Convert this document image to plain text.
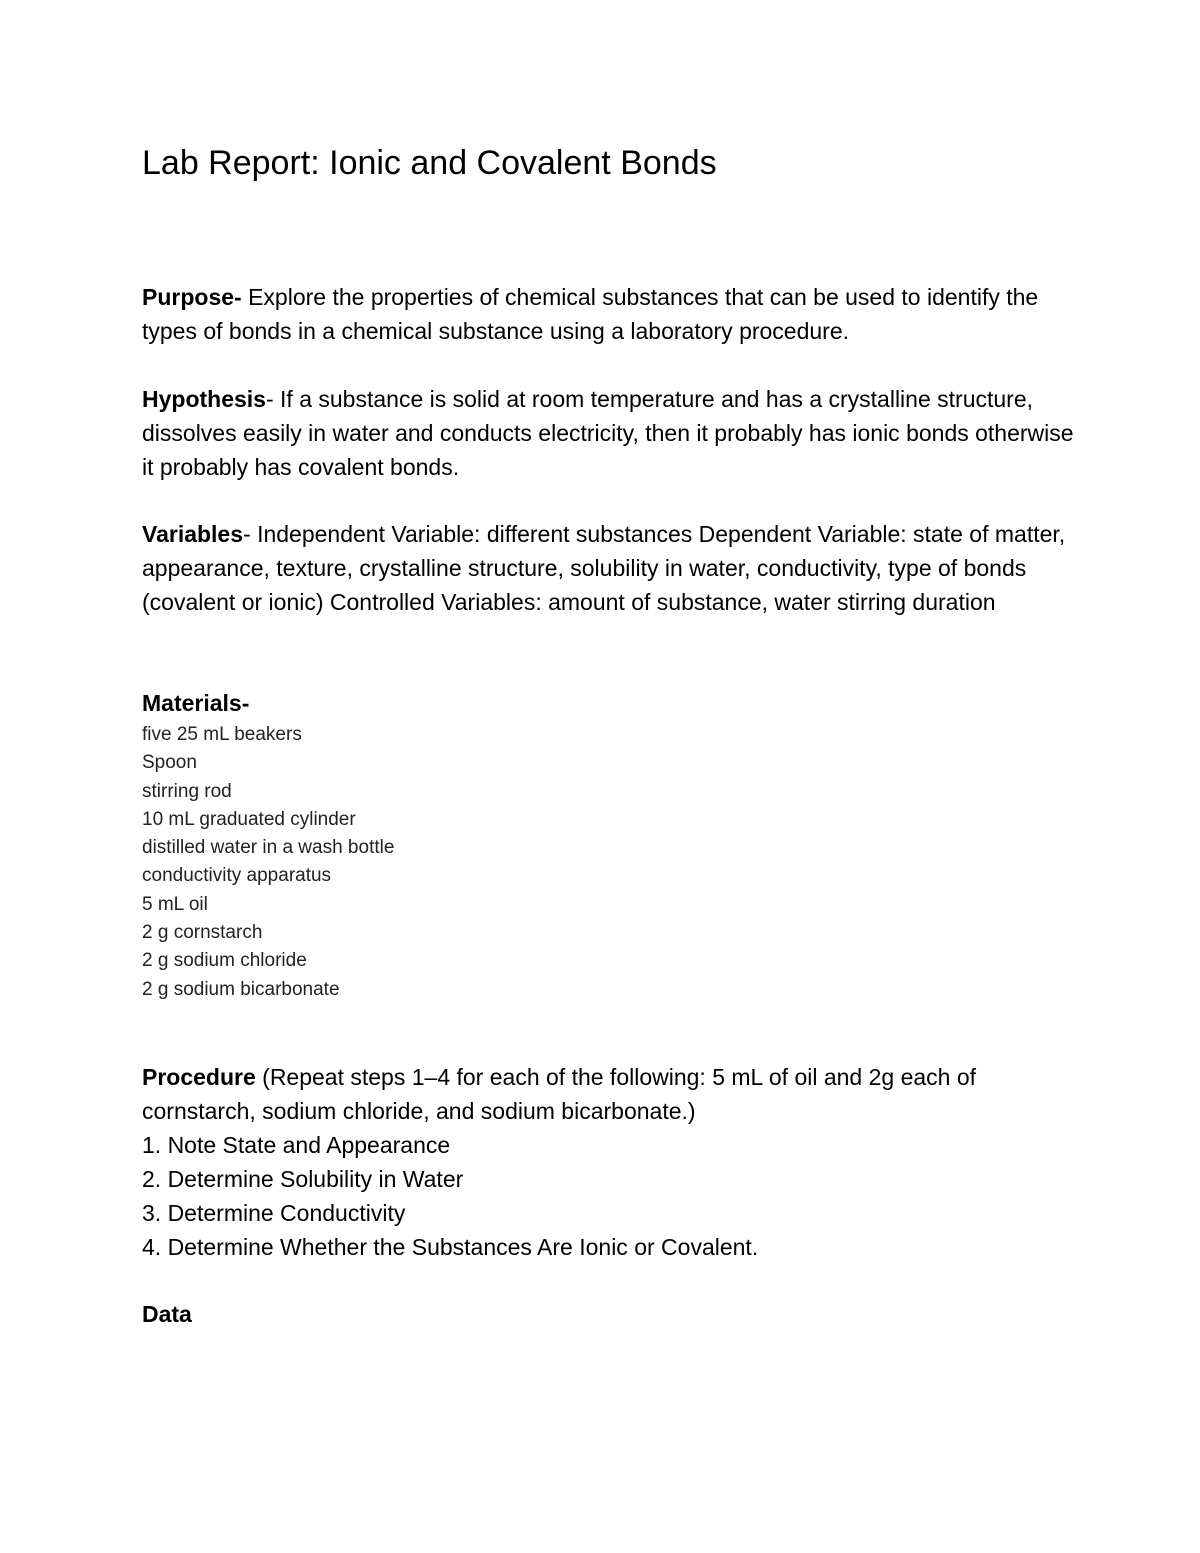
Lab Report: Ionic and Covalent Bonds

Purpose- Explore the properties of chemical substances that can be used to identify the types of bonds in a chemical substance using a laboratory procedure.

Hypothesis- If a substance is solid at room temperature and has a crystalline structure, dissolves easily in water and conducts electricity, then it probably has ionic bonds otherwise it probably has covalent bonds.

Variables- Independent Variable: different substances Dependent Variable: state of matter, appearance, texture, crystalline structure, solubility in water, conductivity, type of bonds (covalent or ionic) Controlled Variables: amount of substance, water stirring duration

Materials-

five 25 mL beakers
Spoon
stirring rod
10 mL graduated cylinder
distilled water in a wash bottle
conductivity apparatus
5 mL oil
2 g cornstarch
2 g sodium chloride
2 g sodium bicarbonate

Procedure (Repeat steps 1–4 for each of the following: 5 mL of oil and 2g each of cornstarch, sodium chloride, and sodium bicarbonate.)

1. Note State and Appearance
2. Determine Solubility in Water
3. Determine Conductivity
4. Determine Whether the Substances Are Ionic or Covalent.

Data
